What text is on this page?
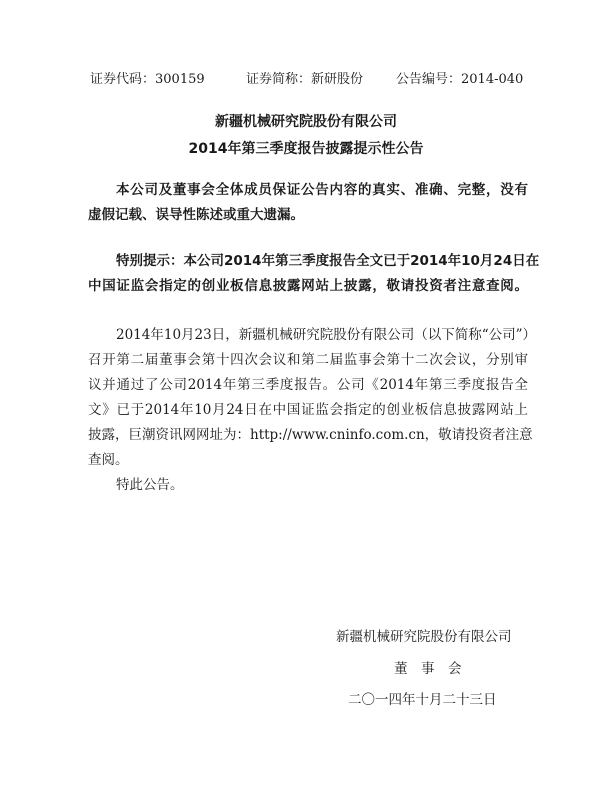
证券代码：300159	证券简称：新研股份	公告编号：2014-040
新疆机械研究院股份有限公司
2014年第三季度报告披露提示性公告
本公司及董事会全体成员保证公告内容的真实、准确、完整，没有
虚假记载、误导性陈述或重大遗漏。
特别提示：本公司2014年第三季度报告全文已于2014年10月24日在
中国证监会指定的创业板信息披露网站上披露，敬请投资者注意查阅。
2014年10月23日，新疆机械研究院股份有限公司（以下简称“公司”）
召开第二届董事会第十四次会议和第二届监事会第十二次会议，分别审
议并通过了公司2014年第三季度报告。公司《2014年第三季度报告全
文》已于2014年10月24日在中国证监会指定的创业板信息披露网站上
披露，巨潮资讯网网址为：http://www.cninfo.com.cn，敬请投资者注意
查阅。
特此公告。
新疆机械研究院股份有限公司
董　事　会
二〇一四年十月二十三日
